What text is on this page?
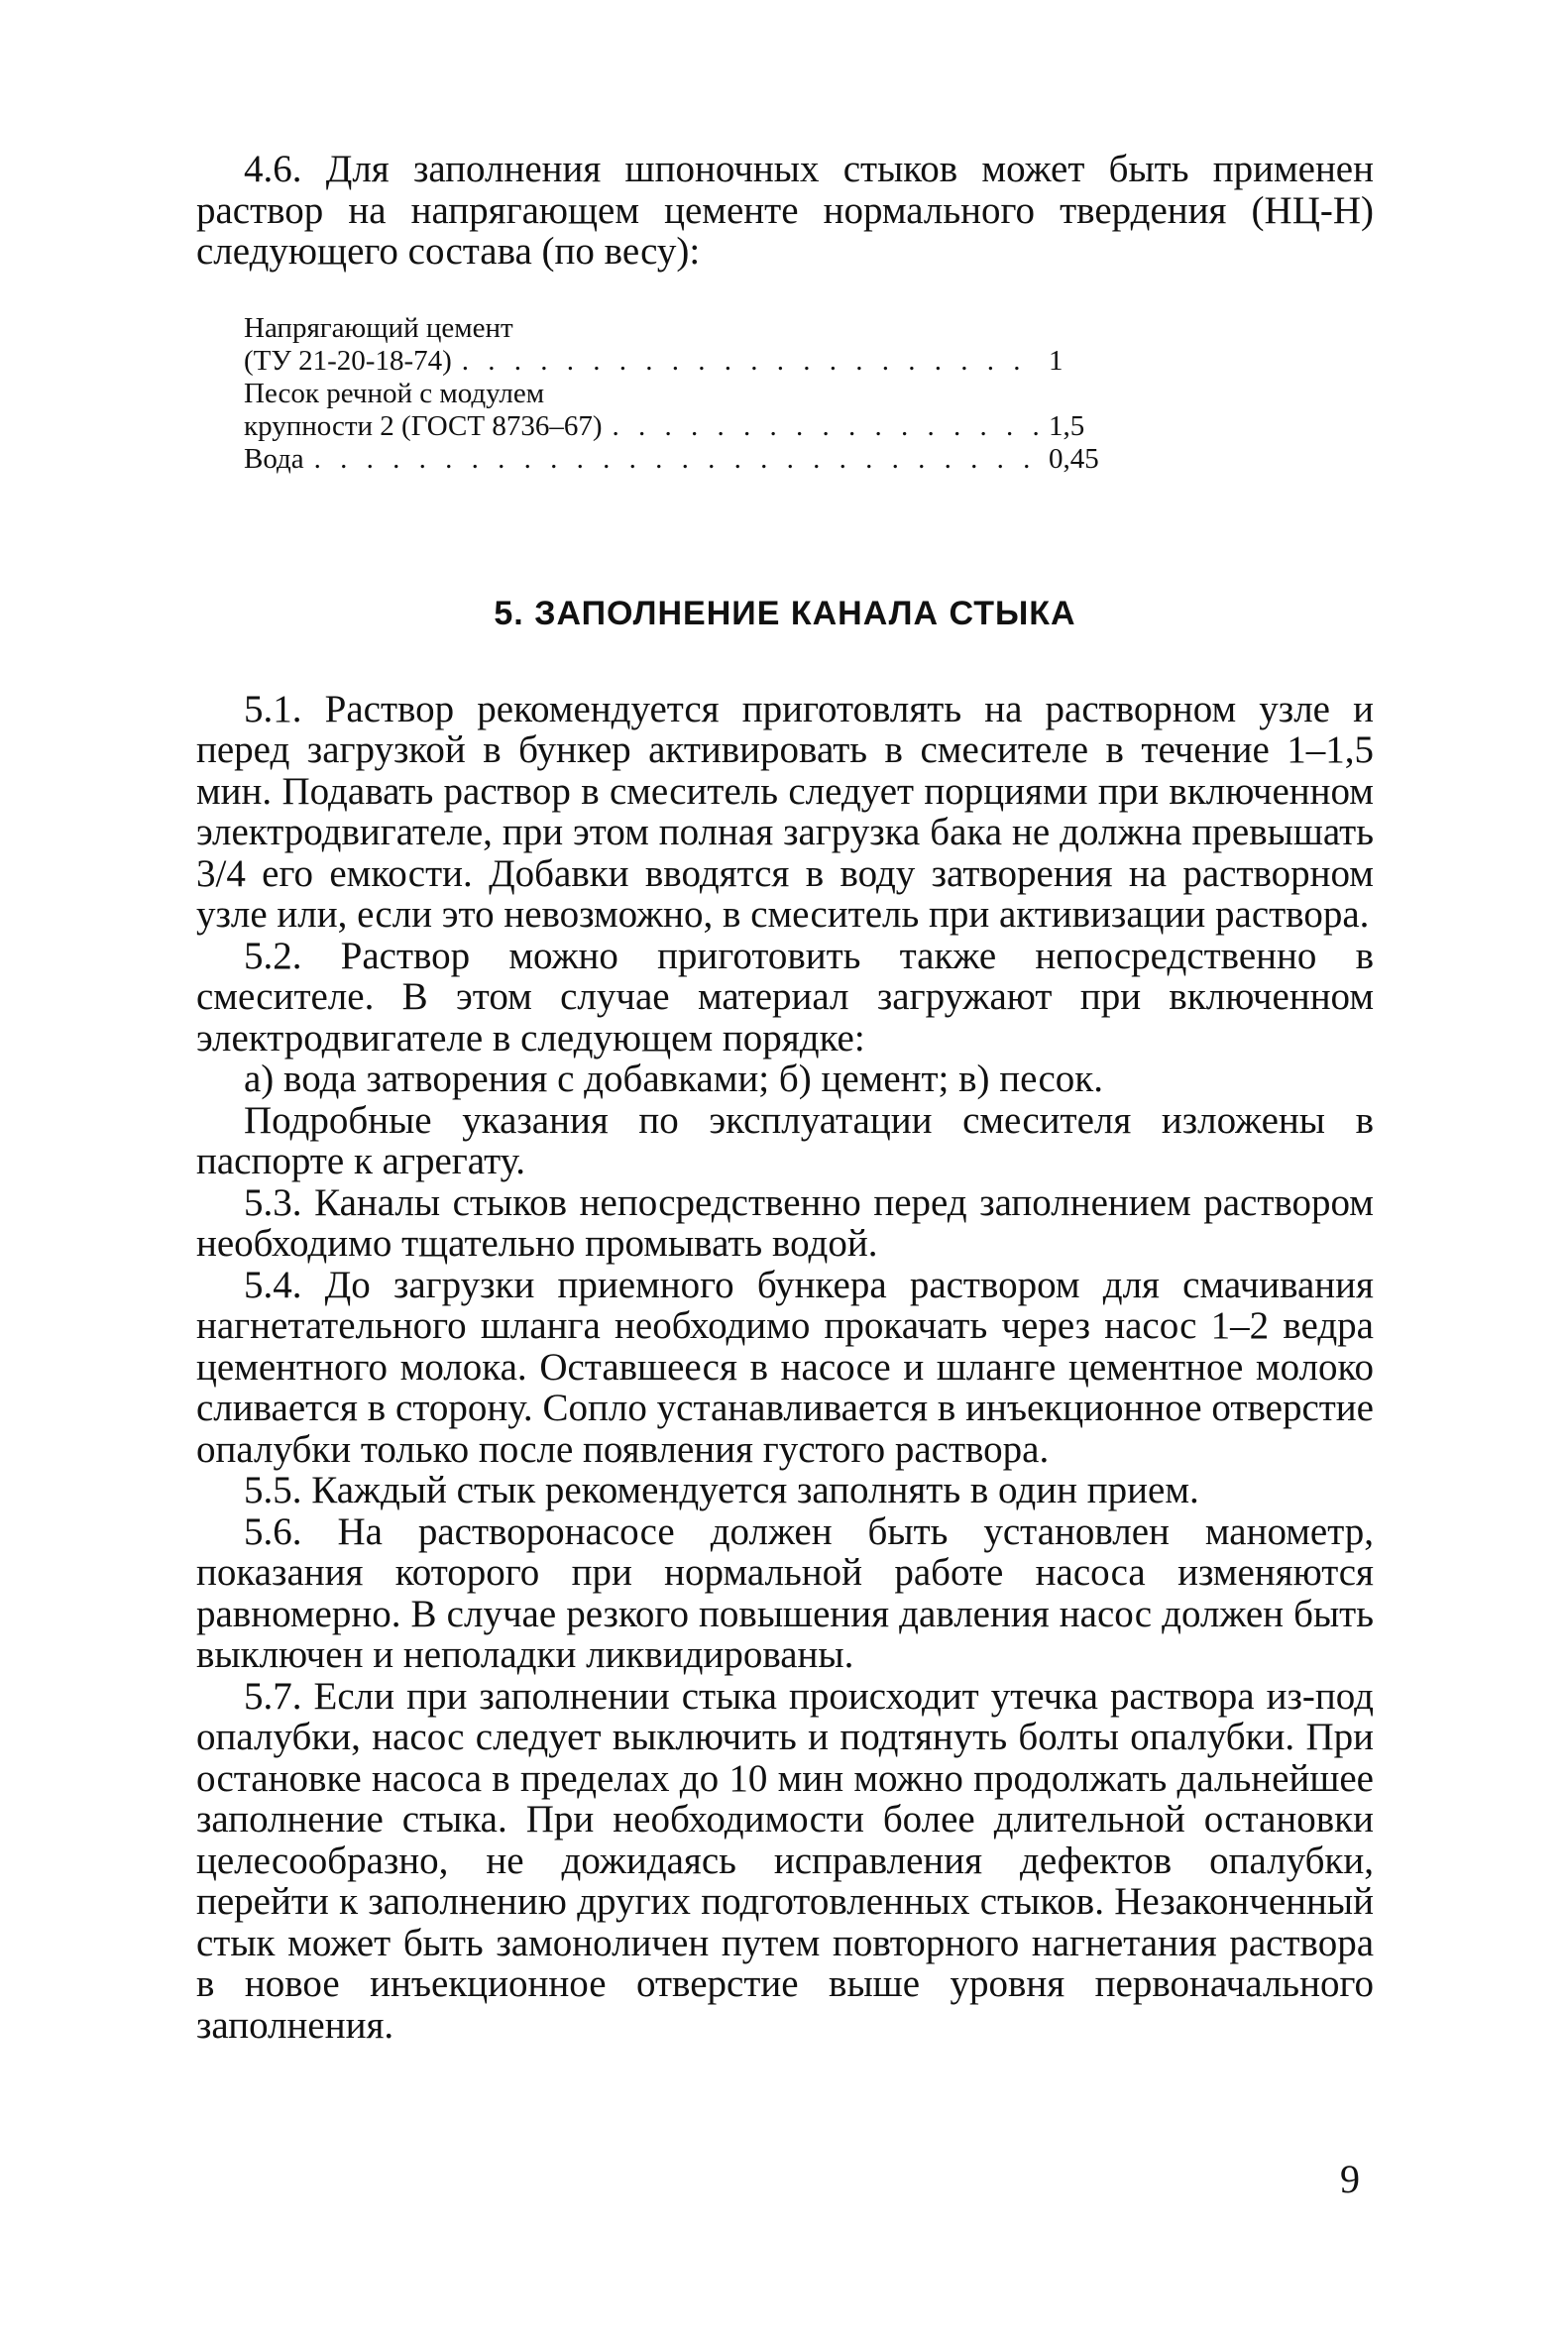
4.6. Для заполнения шпоночных стыков может быть применен раствор на напрягающем цементе нормального твердения (НЦ-Н) следующего состава (по весу):

Напрягающий цемент
(ТУ 21-20-18-74) . . .	1
Песок речной с модулем
крупности 2 (ГОСТ 8736–67) . . .	1,5
Вода . . .	0,45
5. ЗАПОЛНЕНИЕ КАНАЛА СТЫКА

5.1. Раствор рекомендуется приготовлять на растворном узле и перед загрузкой в бункер активировать в смесителе в течение 1–1,5 мин. Подавать раствор в смеситель следует порциями при включенном электродвигателе, при этом полная загрузка бака не должна превышать 3/4 его емкости. Добавки вводятся в воду затворения на растворном узле или, если это невозможно, в смеситель при активизации раствора.

5.2. Раствор можно приготовить также непосредственно в смесителе. В этом случае материал загружают при включенном электродвигателе в следующем порядке:

а) вода затворения с добавками; б) цемент; в) песок.

Подробные указания по эксплуатации смесителя изложены в паспорте к агрегату.

5.3. Каналы стыков непосредственно перед заполнением раствором необходимо тщательно промывать водой.

5.4. До загрузки приемного бункера раствором для смачивания нагнетательного шланга необходимо прокачать через насос 1–2 ведра цементного молока. Оставшееся в насосе и шланге цементное молоко сливается в сторону. Сопло устанавливается в инъекционное отверстие опалубки только после появления густого раствора.

5.5. Каждый стык рекомендуется заполнять в один прием.

5.6. На растворонасосе должен быть установлен манометр, показания которого при нормальной работе насоса изменяются равномерно. В случае резкого повышения давления насос должен быть выключен и неполадки ликвидированы.

5.7. Если при заполнении стыка происходит утечка раствора из-под опалубки, насос следует выключить и подтянуть болты опалубки. При остановке насоса в пределах до 10 мин можно продолжать дальнейшее заполнение стыка. При необходимости более длительной остановки целесообразно, не дожидаясь исправления дефектов опалубки, перейти к заполнению других подготовленных стыков. Незаконченный стык может быть замоноличен путем повторного нагнетания раствора в новое инъекционное отверстие выше уровня первоначального заполнения.

9
